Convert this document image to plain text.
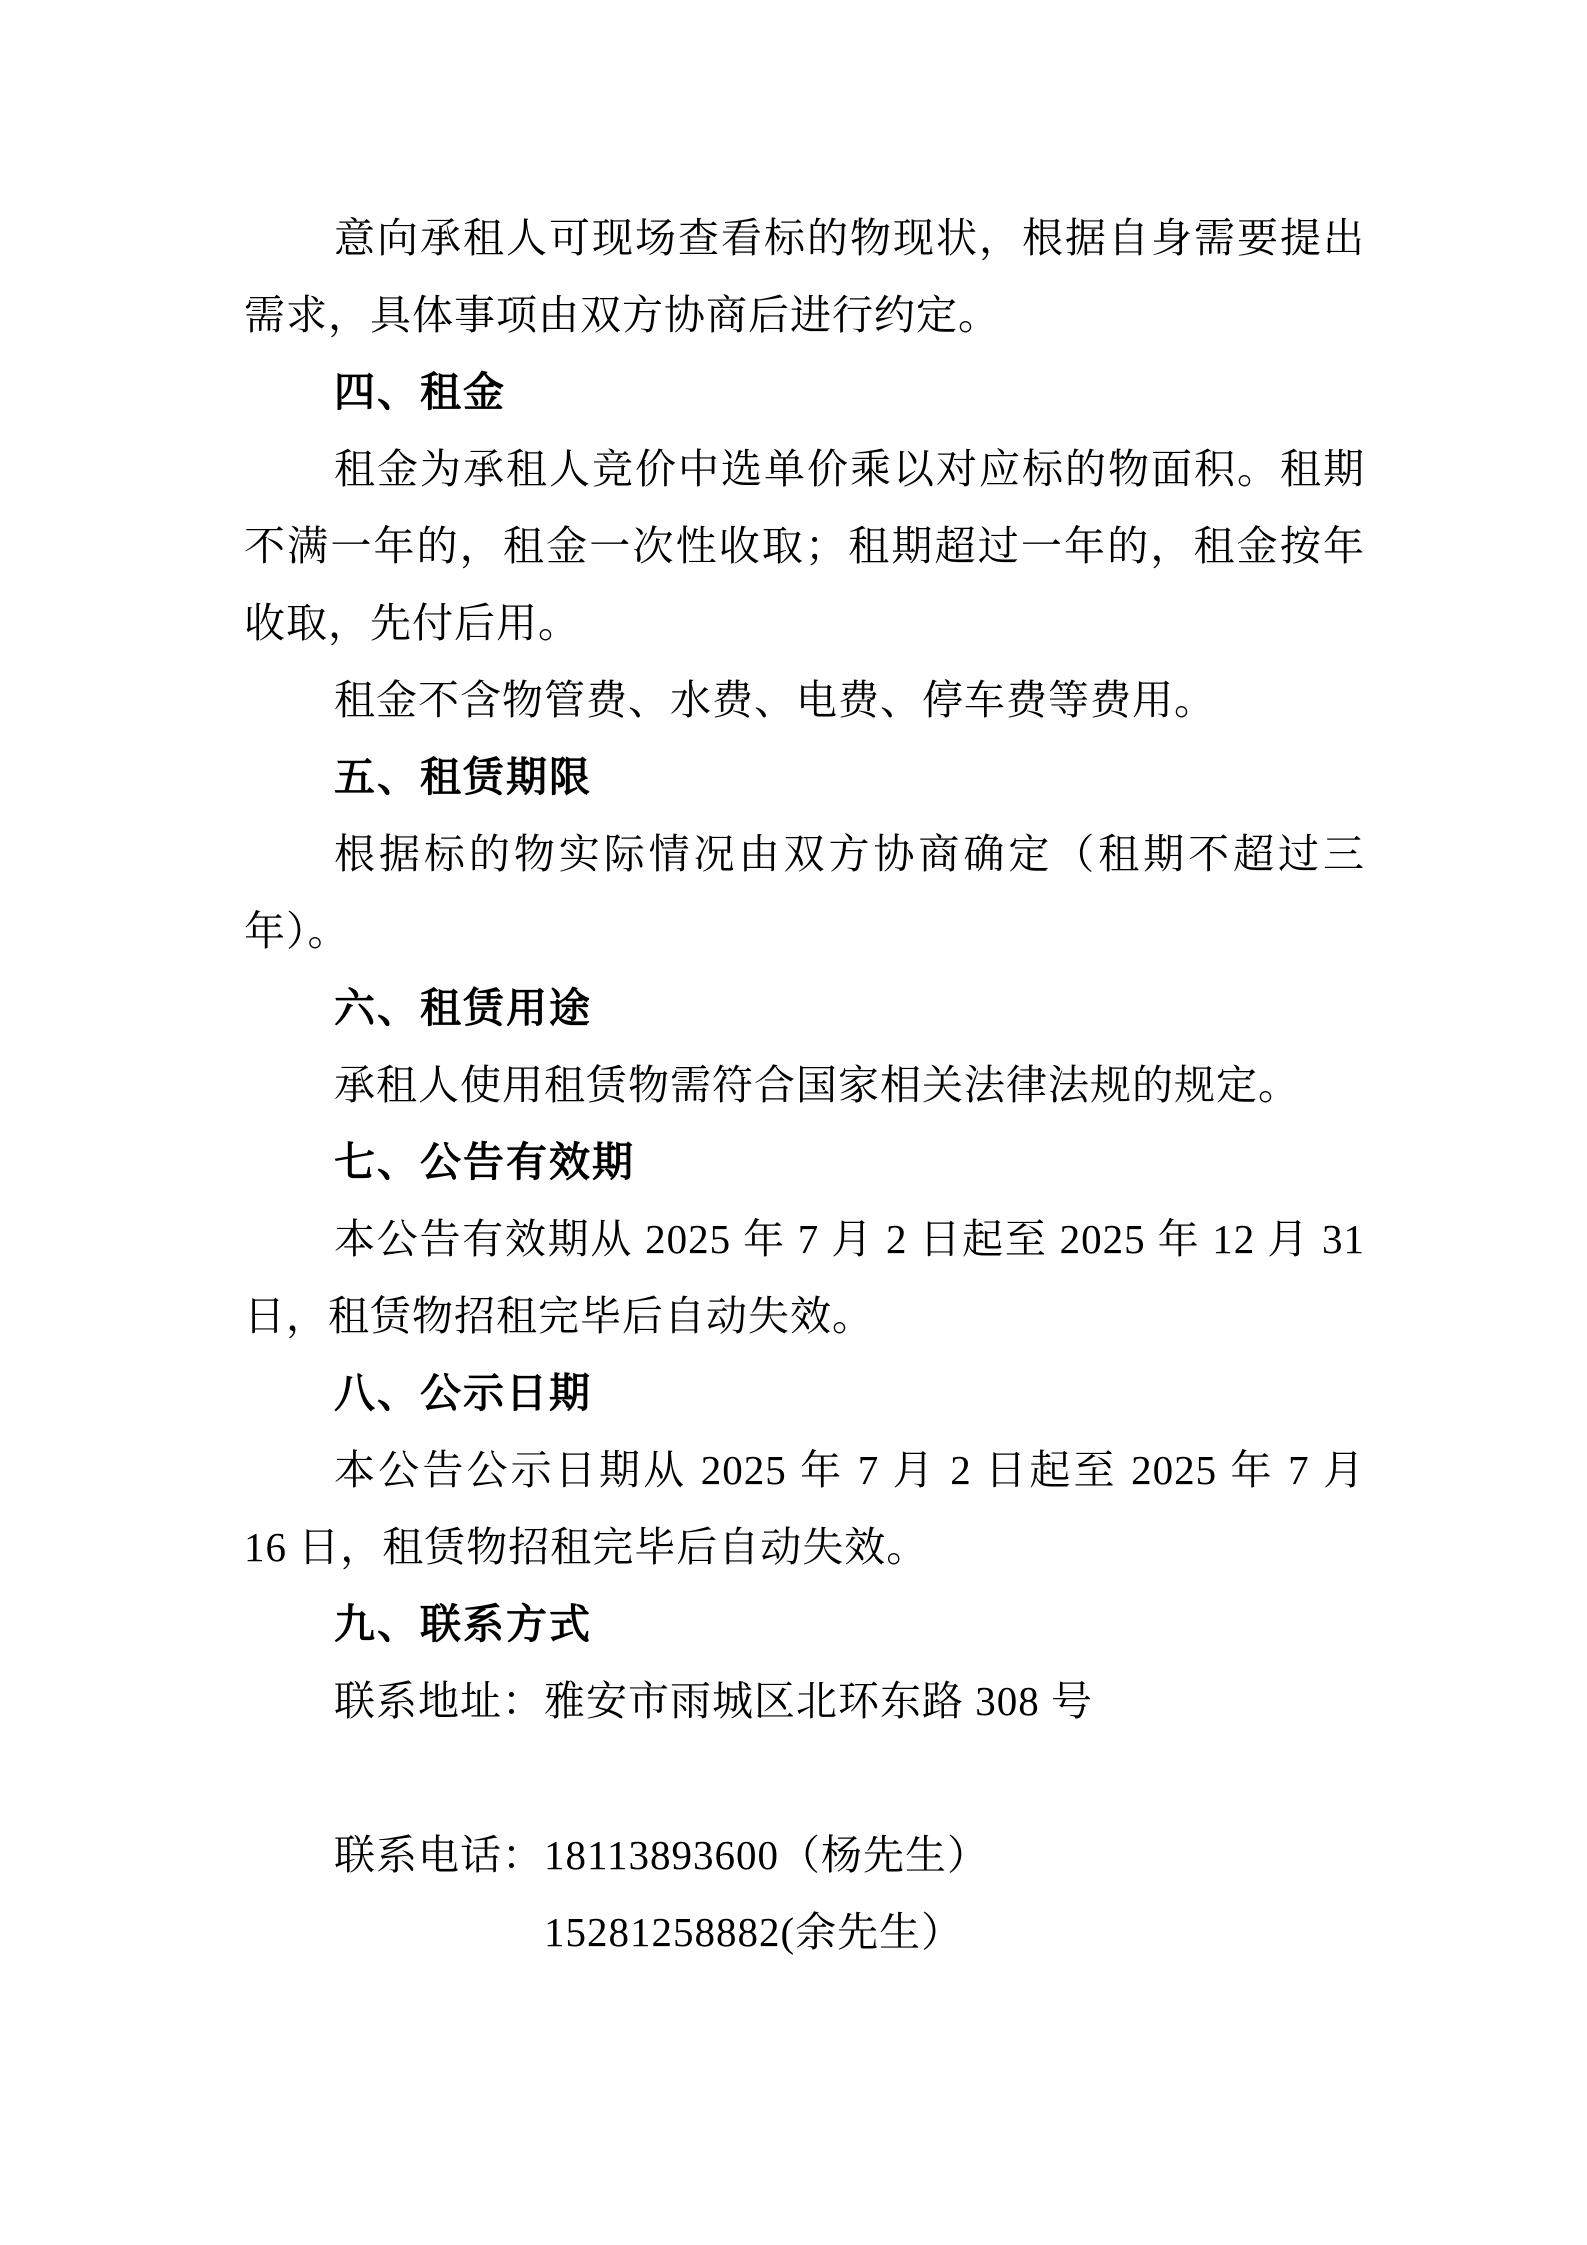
意向承租人可现场查看标的物现状，根据自身需要提出需求，具体事项由双方协商后进行约定。

四、租金

租金为承租人竞价中选单价乘以对应标的物面积。租期不满一年的，租金一次性收取；租期超过一年的，租金按年收取，先付后用。

租金不含物管费、水费、电费、停车费等费用。

五、租赁期限

根据标的物实际情况由双方协商确定（租期不超过三年）。

六、租赁用途

承租人使用租赁物需符合国家相关法律法规的规定。

七、公告有效期

本公告有效期从 2025 年 7 月 2 日起至 2025 年 12 月 31 日，租赁物招租完毕后自动失效。

八、公示日期

本公告公示日期从 2025 年 7 月 2 日起至 2025 年 7 月 16 日，租赁物招租完毕后自动失效。

九、联系方式

联系地址：雅安市雨城区北环东路 308 号

联系电话：18113893600（杨先生）

15281258882(余先生）
